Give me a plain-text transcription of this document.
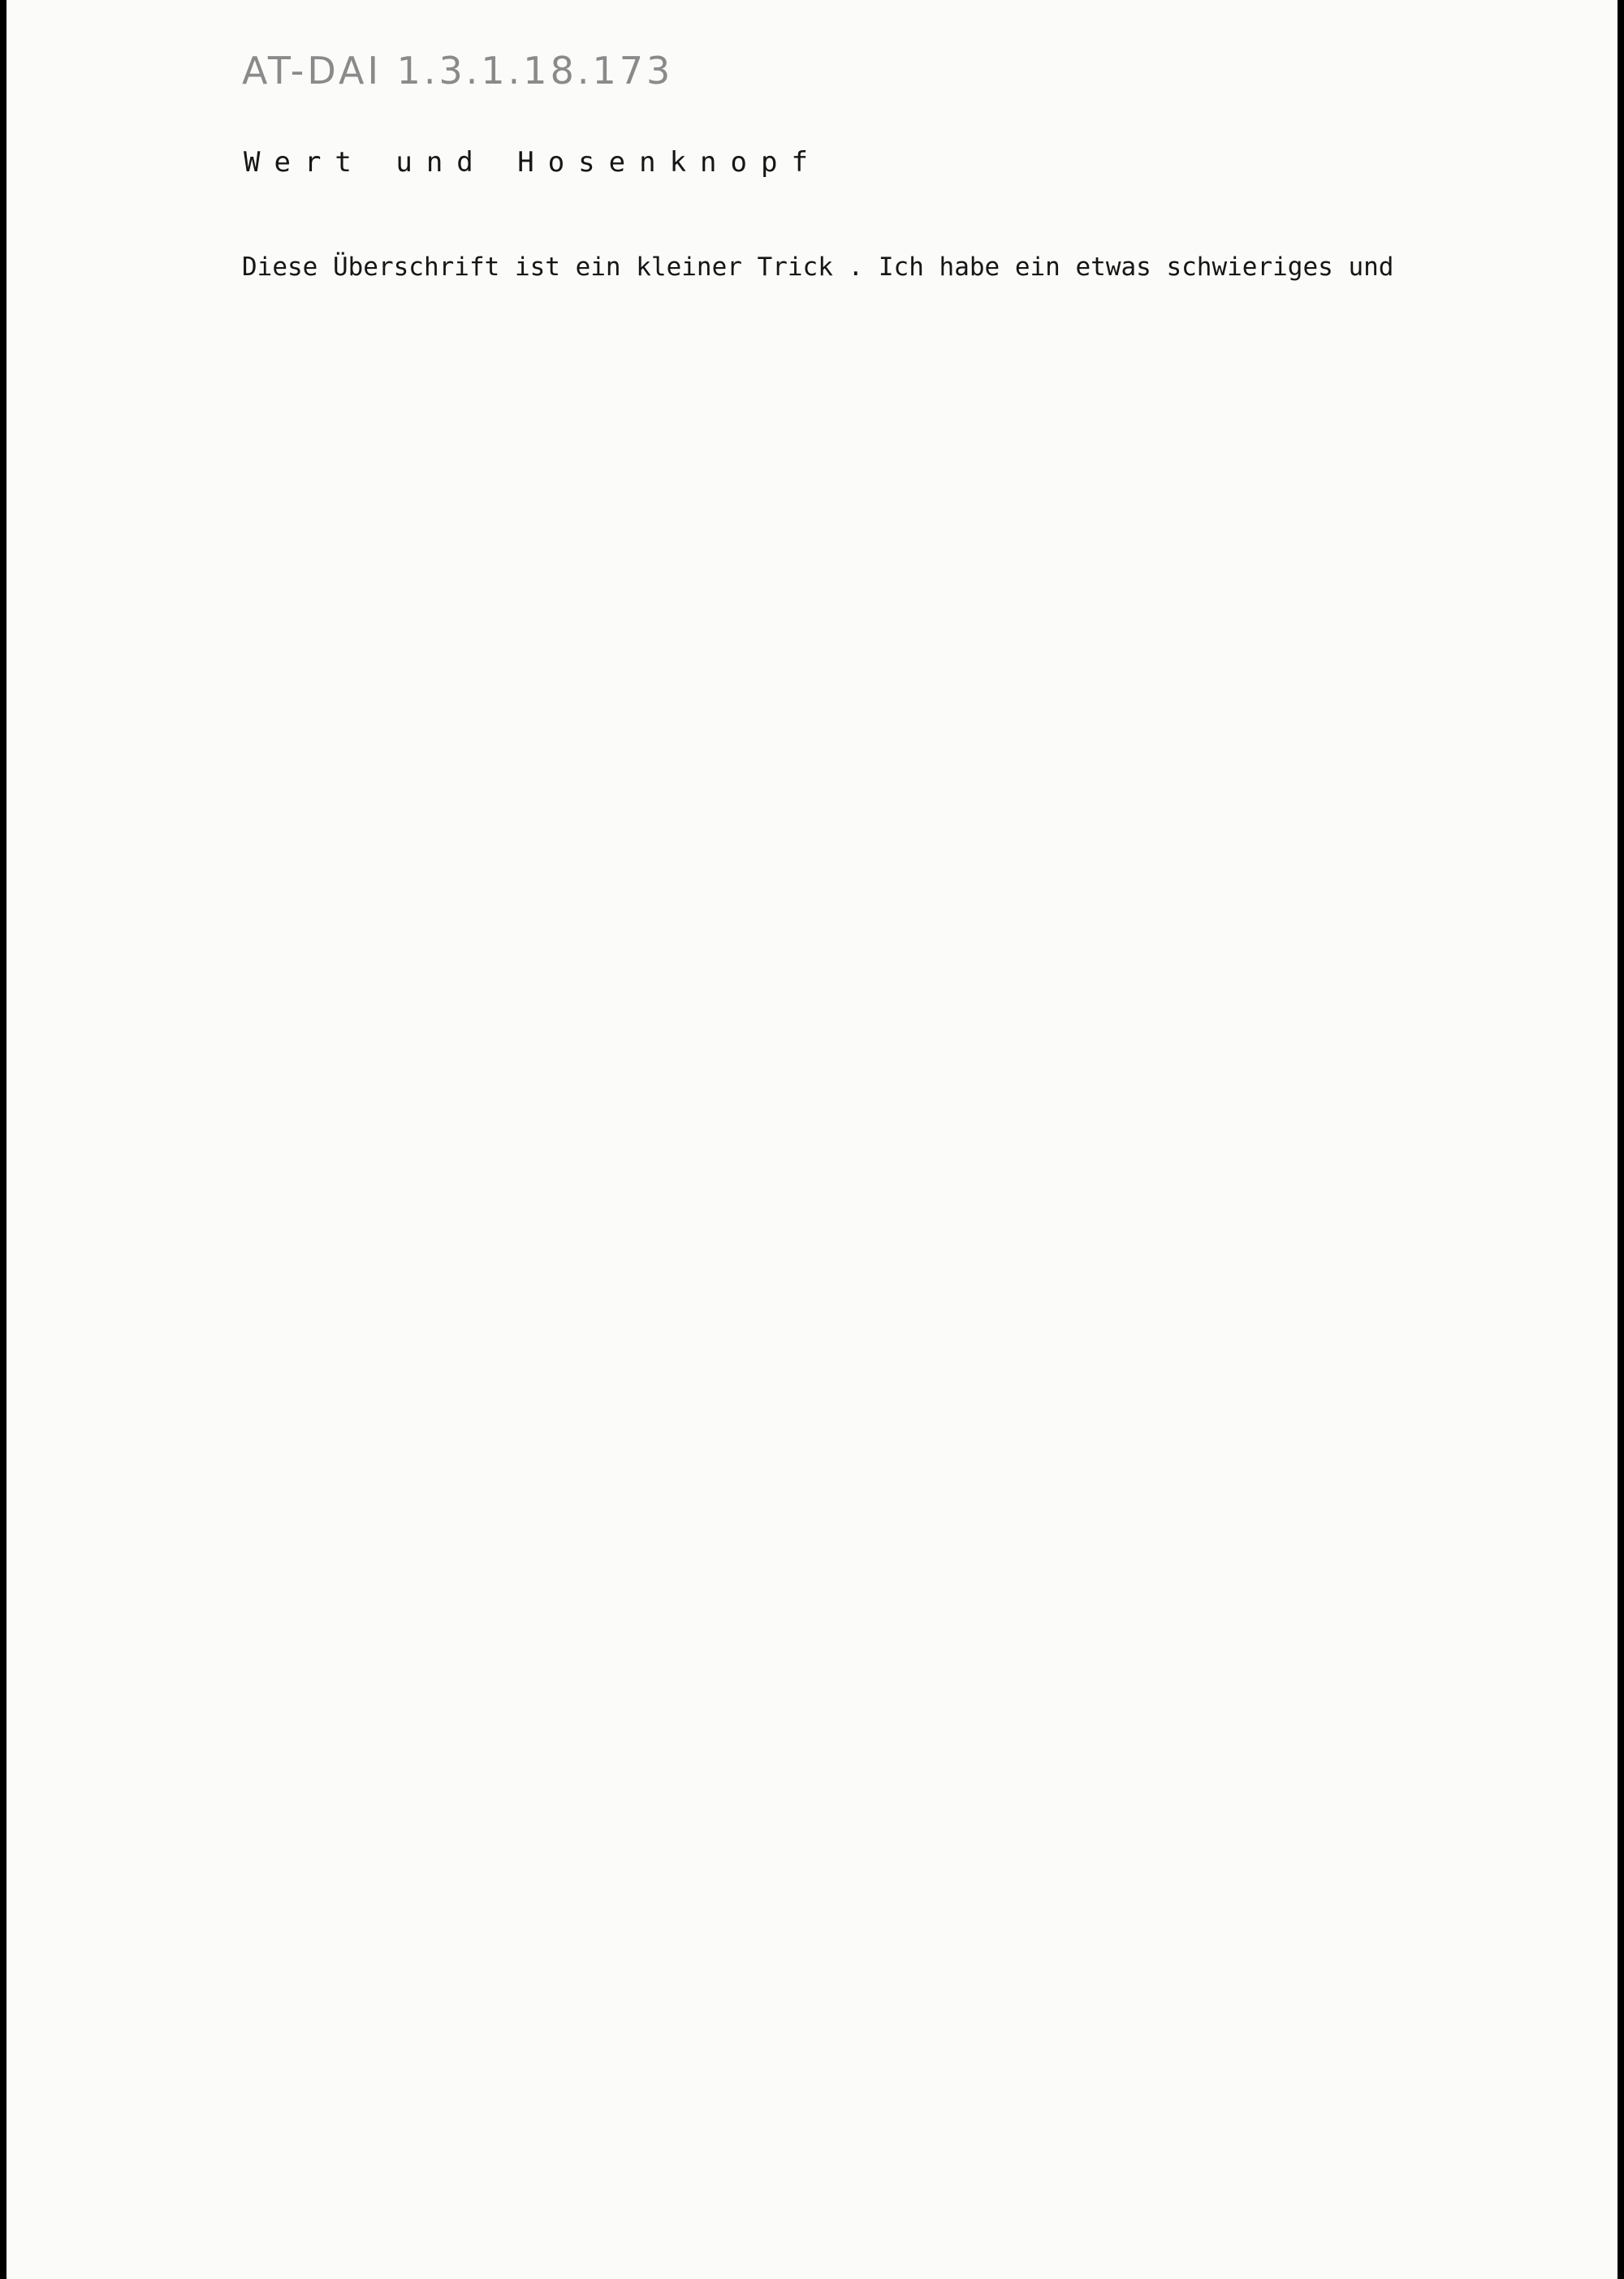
AT-DAI 1.3.1.18.173
Wert und Hosenknopf

Diese Überschrift ist ein kleiner Trick . Ich habe ein etwas schwieriges und
